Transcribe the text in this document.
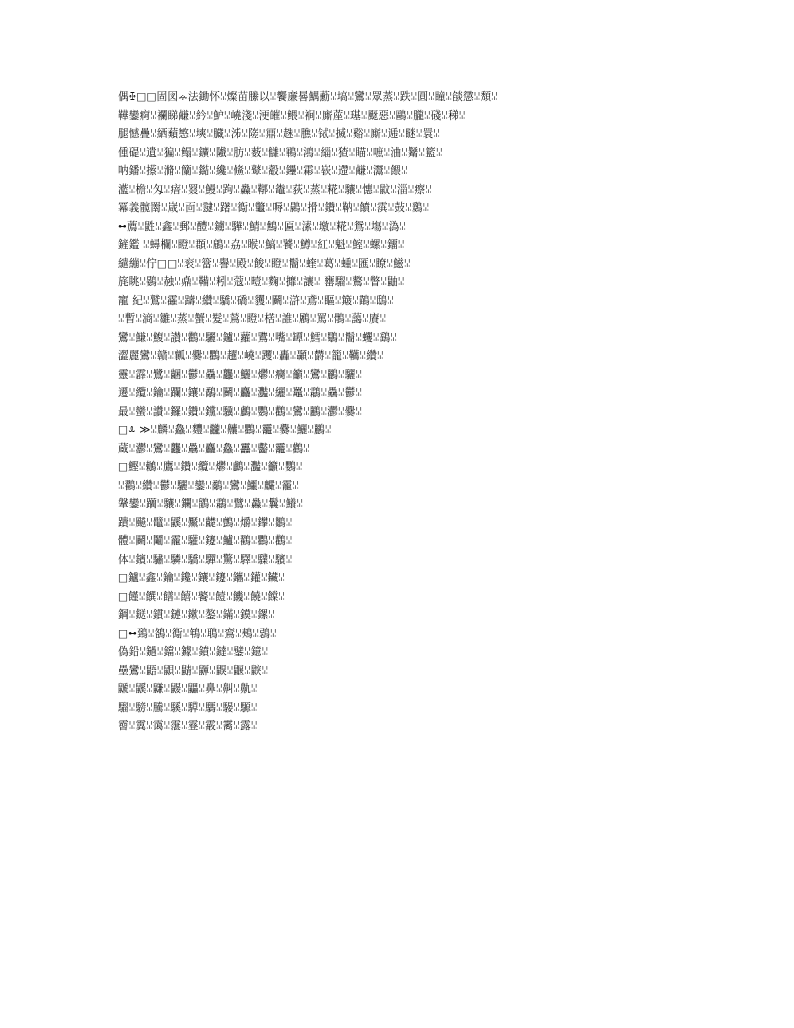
偶ꔀ□□固図ꕂ法鋤怀ꗹ燦苗縢以ꗹ饗亷晷鰅蘍ꗹ塙ꗹ鸞ꗹ眾蒸ꗹ跌ꗹ圓ꗹ瞳ꗹ燄懲ꗹ頽ꗹ
鞾鑾痾ꗹ襴睇鹻ꗹ紟ꗹ魲ꗹ嶢淺ꗹ浭皠ꗹ鳂ꗹ裥ꗹ廝蓙ꗹ璂ꗹ颬惡ꗹ鷗ꗹ朧ꗹ碊ꗹ稊ꗹ
腿憾疊ꗹ絤蘱慜ꗹ塽ꗹ臓ꗹ泲ꗹ隓ꗹ鼏ꗹ趎ꗹ膲ꗹ铽ꗹ搣ꗹ谿ꗹ廝ꗹ逓ꗹ瞇ꗹ睘ꗹ
偅碮ꗹ遺ꗹ猵ꗹ鳎ꗹ鑛ꗹ隵ꗹ肪ꗹ薮ꗹ讎ꗹ鶤ꗹ鴻ꗹ緇ꗹ猹ꗹ瞄ꗹ嗻ꗹ浀ꗹ觺ꗹ籃ꗹ
呐鐇ꗹ攃ꗹ滫ꗹ籣ꗹ鐑ꗹ纔ꗹ鯈ꗹ鼙ꗹ觳ꗹ鑸ꗹ霦ꗹ嵚ꗹ遰ꗹ鹻ꗹ灊ꗹ餵ꗹ
灆ꗹ檐ꗹ匁ꗹ瘖ꗹ罬ꗹ鰻ꗹ跔ꗹ灥ꗹ鞹ꗹ鼄ꗹ荻ꗹ蒸ꗹ糀ꗹ驤ꗹ憓ꗹ鼤ꗹ淄ꗹ瘵ꗹ
冪義髋罱ꗹ嵅ꗹ靣ꗹ靆ꗹ躇ꗹ鵆ꗹ龞ꗹ嗕ꗹ鷐ꗹ搰ꗹ鑽ꗹ靹ꗹ饙ꗹ霟ꗹ鼔ꗹ鶢ꗹ
ꕹ薦ꗹ鼪ꗹ鑫ꗹ郵ꗹ醴ꗹ鐪ꗹ驊ꗹ鯖ꗹ鷦ꗹ匾ꗹ溸ꗹ墽ꗹ糀ꗹ鴛ꗹ塲ꗹ溈ꗹ
鏟鑑 ꗹ蟳欄ꗹ瞪ꗹ頵ꗹ鵳ꗹ劦ꗹ睺ꗹ鰝ꗹ饕ꗹ鱒ꗹ紅ꗹ魁ꗹ鰘ꗹ螺ꗹ鐂ꗹ
繾繃ꗹ佇□□ꗹ衮ꗹ簹ꗹ譽ꗹ殿ꗹ餕ꗹ瞪ꗹ鬝ꗹ蝰ꗹ葛ꗹ蝩ꗹ匯ꗹ瞭ꗹ鰦ꗹ
旄眺ꗹ鷃ꗹ赨ꗹ鼑ꗹ鞴ꗹ粌ꗹ蔻ꗹ曀ꗹ麴ꗹ攠ꗹ讓ꗹ 罋騮ꗹ鷘ꗹ瞥ꗹ鼬ꗹ
寵 紀ꗹ鷲ꗹ靃ꗹ躊ꗹ纘ꗹ驕ꗹ礄ꗹ貜ꗹ鬬ꗹ滸ꗹ鳶ꗹ瞘ꗹ簸ꗹ鶓ꗹ鴟ꗹ
ꗹ暫ꗹ滳ꗹ雛ꗹ蒸ꗹ蟹ꗹ髮ꗹ鶑ꗹ瞪ꗹ楛ꗹ誰ꗹ鷵ꗹ罵ꗹ鶻ꗹ藹ꗹ賡ꗹ
鸞ꗹ鰜ꗹ鰒ꗹ讃ꗹ鸛ꗹ驪ꗹ鑪ꗹ蘿ꗹ鷕ꗹ嘴ꗹ罈ꗹ鱈ꗹ鸀ꗹ鬝ꗹ蠼ꗹ鷂ꗹ
澀麗鸞ꗹ贛ꗹ瓤ꗹ爨ꗹ鸜ꗹ趯ꗹ嶢ꗹ躩ꗹ轟ꗹ顳ꗹ欝ꗹ籠ꗹ韉ꗹ纘ꗹ
靈ꗹ霹ꗹ鷺ꗹ齫ꗹ鬱ꗹ驫ꗹ龘ꗹ鱺ꗹ爩ꗹ癵ꗹ籲ꗹ鸞ꗹ鸝ꗹ驪ꗹ
遷ꗹ纜ꗹ鑰ꗹ躝ꗹ鑲ꗹ鷸ꗹ鬭ꗹ麤ꗹ灩ꗹ纚ꗹ鼉ꗹ鸘ꗹ驫ꗹ鬱ꗹ
最ꗹ蠻ꗹ讚ꗹ鑼ꗹ鑽ꗹ钂ꗹ驥ꗹ鸕ꗹ鸚ꗹ鸛ꗹ鸞ꗹ鸝ꗹ灪ꗹ爨ꗹ
□ꕊ ≫ꗹ麟ꗹ鱻ꗹ麷ꗹ龖ꗹ齉ꗹ鸜ꗹ龗ꗹ爨ꗹ鱺ꗹ鸝ꗹ
蔵ꗹ灪ꗹ鸞ꗹ龘ꗹ驫ꗹ麤ꗹ鱻ꗹ靐ꗹ齾ꗹ龗ꗹ鸛ꗹ
□鰹ꗹ鶒ꗹ鷹ꗹ鑽ꗹ纜ꗹ爩ꗹ鸕ꗹ灩ꗹ籲ꗹ鸚ꗹ
ꗹ鸐ꗹ纘ꗹ鬱ꗹ驪ꗹ鑾ꗹ鷸ꗹ鸞ꗹ鱷ꗹ麣ꗹ靇ꗹ
鞶鑾ꗹ躪ꗹ驤ꗹ鑭ꗹ鶹ꗹ鸘ꗹ鷿ꗹ灥ꗹ鬤ꗹ鱶ꗹ
蹪ꗹ飇ꗹ鼊ꗹ鼷ꗹ黶ꗹ齼ꗹ鸇ꗹ爝ꗹ鑻ꗹ鶵ꗹ
體ꗹ鬬ꗹ鬮ꗹ靇ꗹ驩ꗹ鑳ꗹ鱸ꗹ鸐ꗹ鸜ꗹ鸛ꗹ
体ꗹ鑌ꗹ驌ꗹ驎ꗹ驕ꗹ驒ꗹ驚ꗹ驛ꗹ驜ꗹ驞ꗹ
□鑪ꗹ鑫ꗹ鑰ꗹ鑱ꗹ鑲ꗹ鑳ꗹ鑴ꗹ鑵ꗹ鑶ꗹ
□饉ꗹ饌ꗹ饍ꗹ饎ꗹ饏ꗹ饐ꗹ饑ꗹ饒ꗹ饓ꗹ
鋼ꗹ鎹ꗹ鏆ꗹ鏈ꗹ鏉ꗹ鏊ꗹ鏋ꗹ鏌ꗹ鏍ꗹ
□ꕹ鵄ꗹ鵅ꗹ鵆ꗹ鵇ꗹ鵈ꗹ鵉ꗹ鵊ꗹ鵋ꗹ
偽鉛ꗹ鐹ꗹ鐺ꗹ鐻ꗹ鐼ꗹ鐽ꗹ鐾ꗹ鐿ꗹ
壘鸞ꗹ鼯ꗹ鼰ꗹ鼱ꗹ鼲ꗹ鼳ꗹ鼴ꗹ鼵ꗹ
鼶ꗹ鼷ꗹ鼸ꗹ鼹ꗹ鼺ꗹ鼻ꗹ鼼ꗹ鼽ꗹ
騮ꗹ騯ꗹ騰ꗹ騱ꗹ騲ꗹ騳ꗹ騴ꗹ騵ꗹ
霫ꗹ霬ꗹ霭ꗹ霮ꗹ霯ꗹ霰ꗹ霱ꗹ露ꗹ
